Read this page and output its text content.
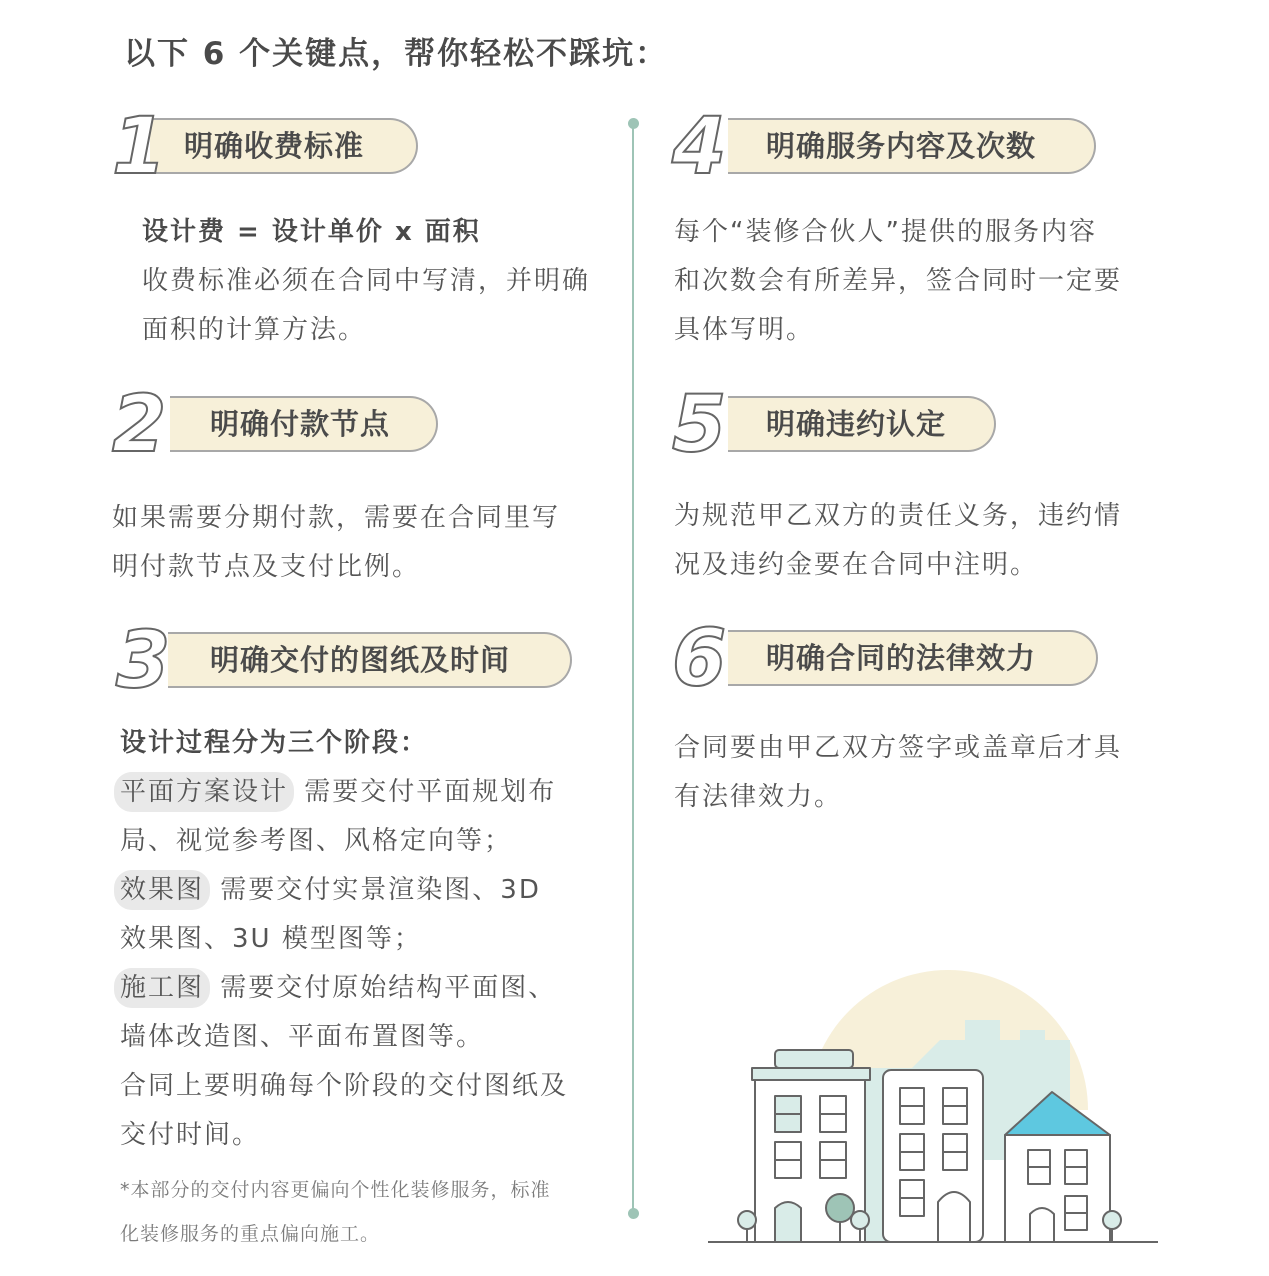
以下 6 个关键点，帮你轻松不踩坑：
1 明确收费标准
设计费 = 设计单价 x 面积
收费标准必须在合同中写清，并明确
面积的计算方法。
2 明确付款节点
如果需要分期付款，需要在合同里写
明付款节点及支付比例。
3 明确交付的图纸及时间
设计过程分为三个阶段：
平面方案设计 需要交付平面规划布
局、视觉参考图、风格定向等；
效果图 需要交付实景渲染图、3D
效果图、3U 模型图等；
施工图 需要交付原始结构平面图、
墙体改造图、平面布置图等。
合同上要明确每个阶段的交付图纸及
交付时间。
*本部分的交付内容更偏向个性化装修服务，标准
化装修服务的重点偏向施工。
4 明确服务内容及次数
每个“装修合伙人”提供的服务内容
和次数会有所差异，签合同时一定要
具体写明。
5 明确违约认定
为规范甲乙双方的责任义务，违约情
况及违约金要在合同中注明。
6 明确合同的法律效力
合同要由甲乙双方签字或盖章后才具
有法律效力。
